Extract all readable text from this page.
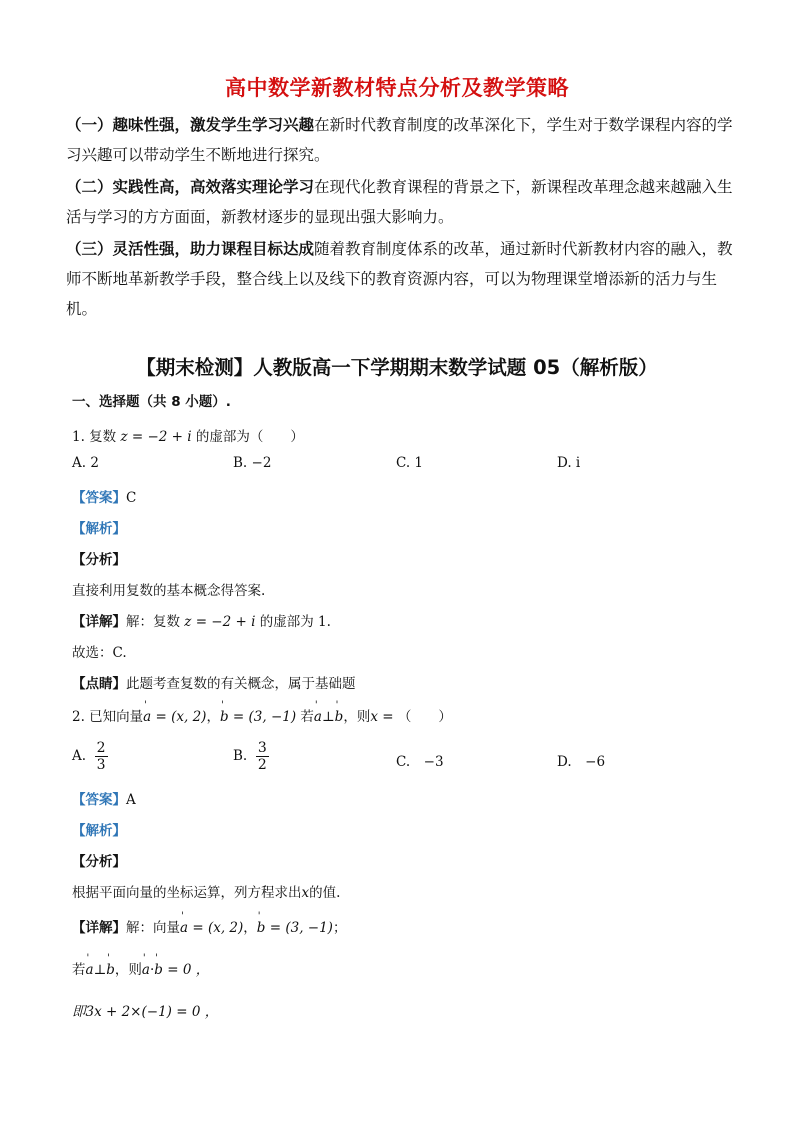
高中数学新教材特点分析及教学策略

（一）趣味性强，激发学生学习兴趣在新时代教育制度的改革深化下，学生对于数学课程内容的学习兴趣可以带动学生不断地进行探究。

（二）实践性高，高效落实理论学习在现代化教育课程的背景之下，新课程改革理念越来越融入生活与学习的方方面面，新教材逐步的显现出强大影响力。

（三）灵活性强，助力课程目标达成随着教育制度体系的改革，通过新时代新教材内容的融入，教师不断地革新教学手段，整合线上以及线下的教育资源内容，可以为物理课堂增添新的活力与生机。

【期末检测】人教版高一下学期期末数学试题 05（解析版）
一、选择题（共 8 小题）.
1. 复数 z = −2 + i 的虚部为（　　）
A. 2	B. −2	C. 1	D. i
【答案】C
【解析】
【分析】
直接利用复数的基本概念得答案.
【详解】解：复数 z = −2 + i 的虚部为 1.
故选：C.
【点睛】此题考查复数的有关概念，属于基础题
2. 已知向量' a = (x, 2)，' b = (3, −1) 若' a⊥' b，则x = （　　）
A. $\frac{2}{3}$	B. $\frac{3}{2}$	C.　−3	D.　−6
【答案】A
【解析】
【分析】
根据平面向量的坐标运算，列方程求出x的值.
【详解】解：向量' a = (x, 2)，' b = (3, −1)；
若' a⊥' b，则' a·' b = 0 ，
即3x + 2×(−1) = 0 ，
